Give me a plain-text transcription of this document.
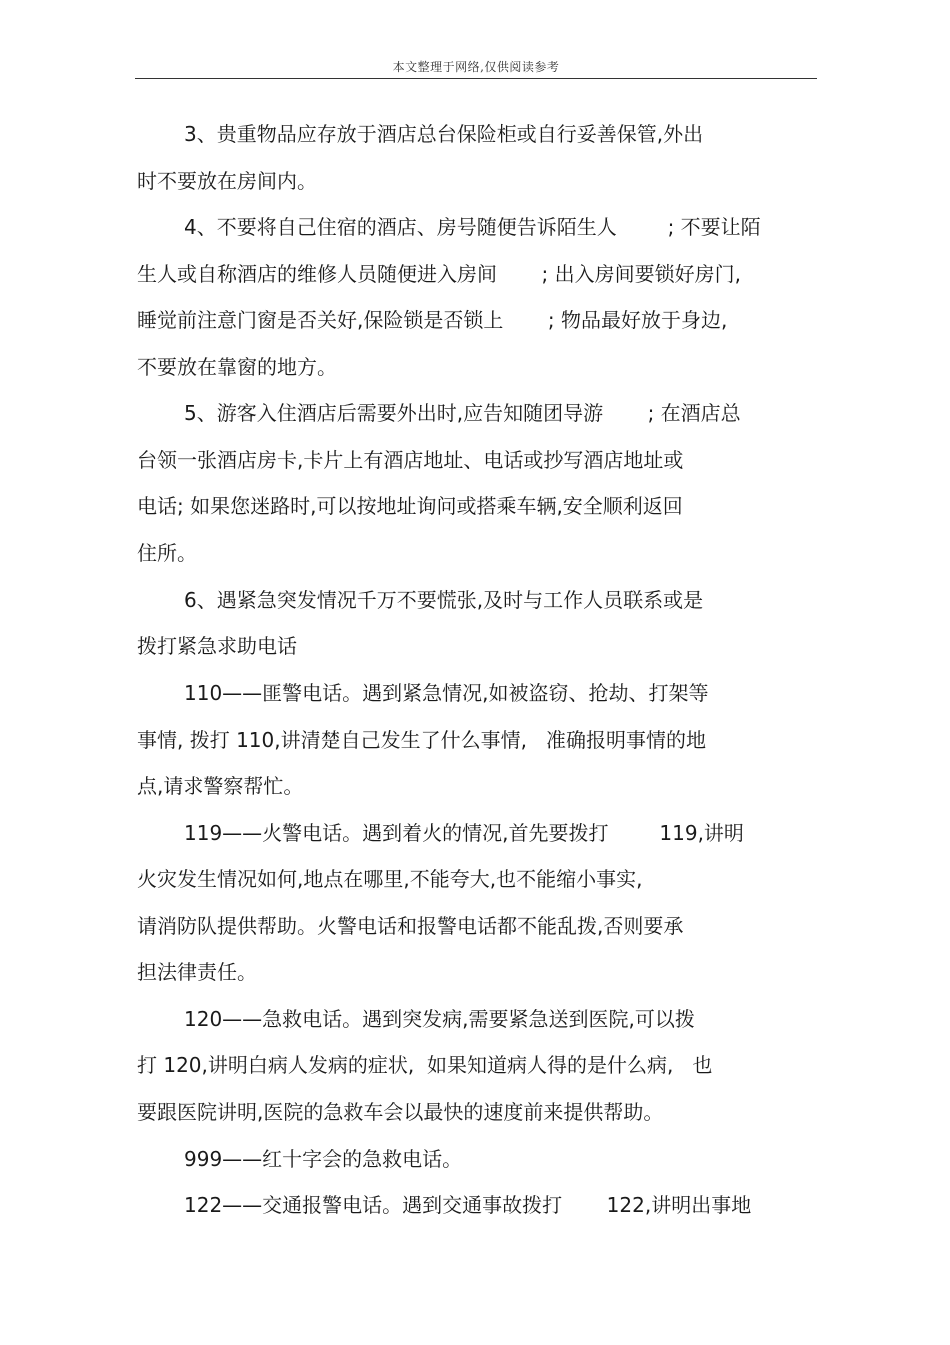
本文整理于网络,仅供阅读参考
3、贵重物品应存放于酒店总台保险柜或自行妥善保管,外出
时不要放在房间内。
4、不要将自己住宿的酒店、房号随便告诉陌生人        ; 不要让陌
生人或自称酒店的维修人员随便进入房间       ; 出入房间要锁好房门,
睡觉前注意门窗是否关好,保险锁是否锁上       ; 物品最好放于身边,
不要放在靠窗的地方。
5、游客入住酒店后需要外出时,应告知随团导游       ; 在酒店总
台领一张酒店房卡,卡片上有酒店地址、电话或抄写酒店地址或
电话; 如果您迷路时,可以按地址询问或搭乘车辆,安全顺利返回
住所。
6、遇紧急突发情况千万不要慌张,及时与工作人员联系或是
拨打紧急求助电话
110——匪警电话。遇到紧急情况,如被盗窃、抢劫、打架等
事情, 拨打 110,讲清楚自己发生了什么事情,   准确报明事情的地
点,请求警察帮忙。
119——火警电话。遇到着火的情况,首先要拨打        119,讲明
火灾发生情况如何,地点在哪里,不能夸大,也不能缩小事实,
请消防队提供帮助。火警电话和报警电话都不能乱拨,否则要承
担法律责任。
120——急救电话。遇到突发病,需要紧急送到医院,可以拨
打 120,讲明白病人发病的症状,  如果知道病人得的是什么病,   也
要跟医院讲明,医院的急救车会以最快的速度前来提供帮助。
999——红十字会的急救电话。
122——交通报警电话。遇到交通事故拨打       122,讲明出事地
